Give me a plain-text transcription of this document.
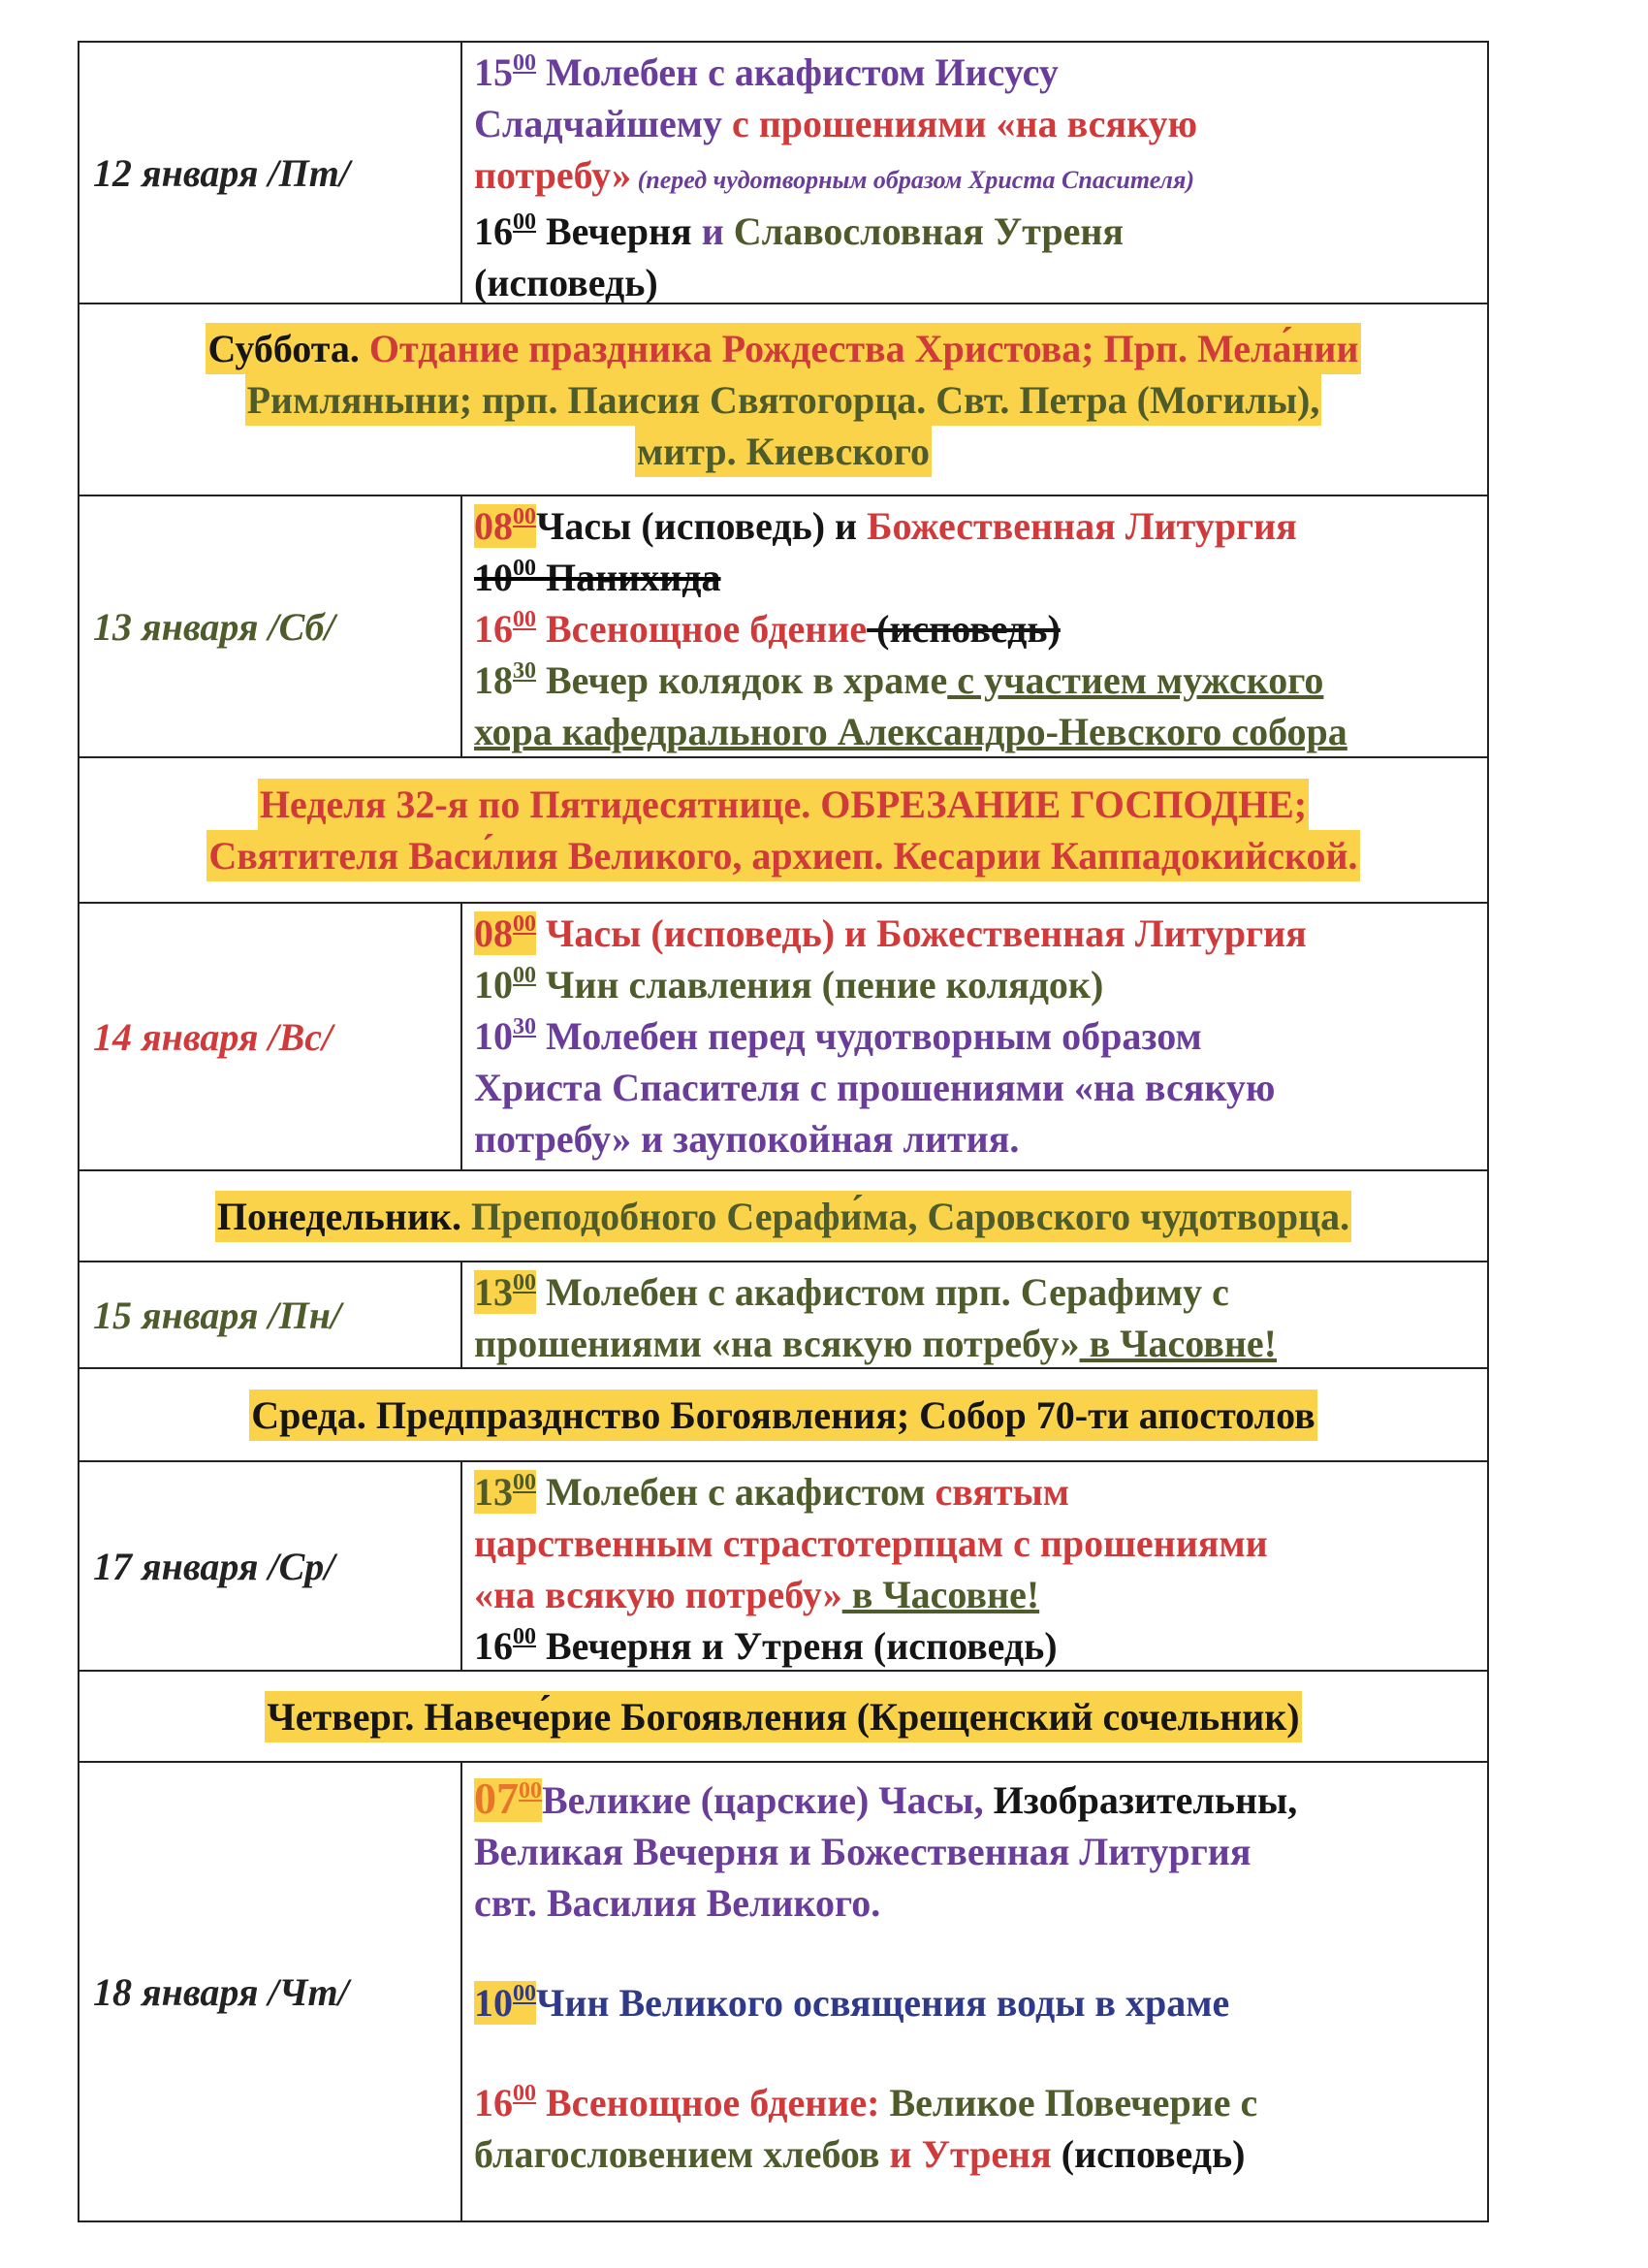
12 января /Пт/
$15^{00}$ Молебен с акафистом Иисусу
Сладчайшему с прошениями «на всякую
потребу» (перед чудотворным образом Христа Спасителя)
$16^{00}$ Вечерня и Славословная Утреня
(исповедь)
Суббота. Отдание праздника Рождества Христова; Прп. Мела́нии
Римляныни; прп. Паисия Святогорца. Свт. Петра (Могилы),
митр. Киевского
13 января /Сб/
$08^{00}Часы$ (исповедь) и Божественная Литургия
$10^{00}$ Панихида
$16^{00}$ Всенощное бдение (исповедь)
$18^{30}$ Вечер колядок в храме с участием мужского
хора кафедрального Александро-Невского собора
Неделя 32-я по Пятидесятнице. ОБРЕЗАНИЕ ГОСПОДНЕ;
Святителя Васи́лия Великого, архиеп. Кесарии Каппадокийской.
14 января /Вс/
$08^{00}$ Часы (исповедь) и Божественная Литургия
$10^{00}$ Чин славления (пение колядок)
$10^{30}$ Молебен перед чудотворным образом
Христа Спасителя с прошениями «на всякую
потребу» и заупокойная лития.
Понедельник. Преподобного Серафи́ма, Саровского чудотворца.
15 января /Пн/
$13^{00}$ Молебен с акафистом прп. Серафиму с
прошениями «на всякую потребу» в Часовне!
Среда. Предпразднство Богоявления; Собор 70-ти апостолов
17 января /Ср/
$13^{00}$ Молебен с акафистом святым
царственным страстотерпцам с прошениями
«на всякую потребу» в Часовне!
$16^{00}$ Вечерня и Утреня (исповедь)
Четверг. Навече́рие Богоявления (Крещенский сочельник)
18 января /Чт/
$07^{00}Великие$ (царские) Часы, Изобразительны,
Великая Вечерня и Божественная Литургия
свт. Василия Великого.
$10^{00}Чин$ Великого освящения воды в храме
$16^{00}$ Всенощное бдение: Великое Повечерие с
благословением хлебов и Утреня (исповедь)
